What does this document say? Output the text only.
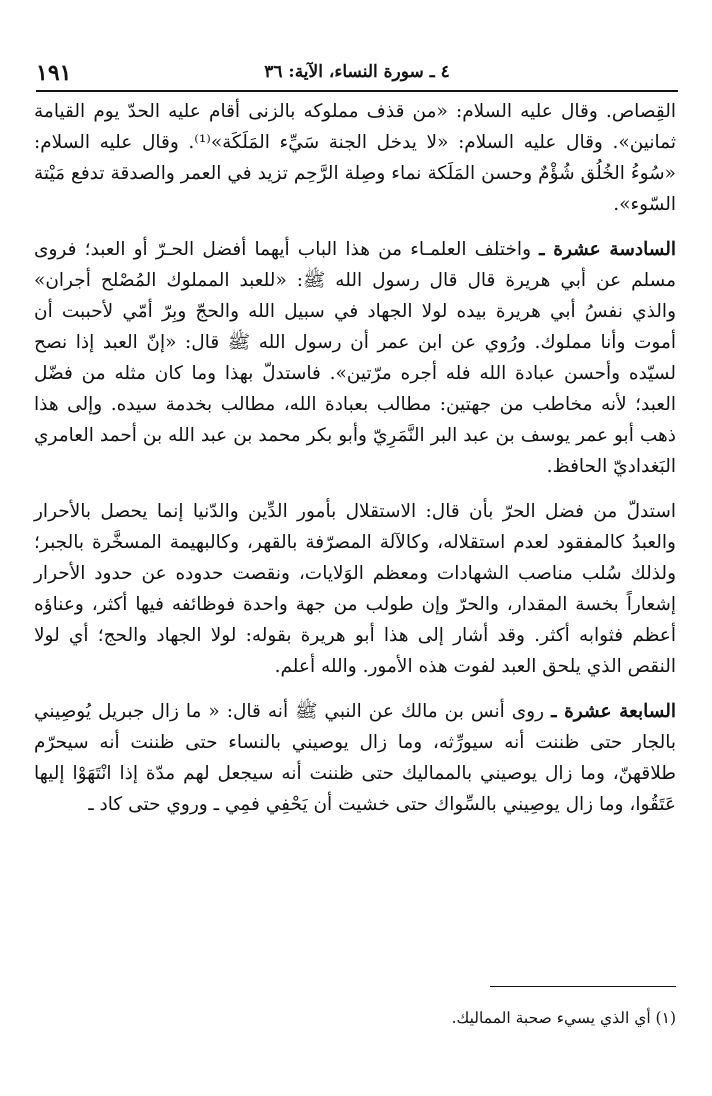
١٩١	٤ ـ سورة النساء، الآية: ٣٦

القِصاص. وقال عليه السلام: «من قذف مملوكه بالزنى أقام عليه الحدّ يوم القيامة ثمانين». وقال عليه السلام: «لا يدخل الجنة سَيِّء المَلَكَة»⁽¹⁾. وقال عليه السلام: «سُوءُ الخُلُق شُؤْمٌ وحسن المَلَكة نماء وصِلة الرَّحِم تزيد في العمر والصدقة تدفع مَيْتة السّوء».

السادسة عشرة ـ واختلف العلمـاء من هذا الباب أيهما أفضل الحـرّ أو العبد؛ فروى مسلم عن أبي هريرة قال قال رسول الله ﷺ: «للعبد المملوك المُصْلح أجران» والذي نفسُ أبي هريرة بيده لولا الجهاد في سبيل الله والحجّ وبِرّ أمّي لأحببت أن أموت وأنا مملوك. ورُوي عن ابن عمر أن رسول الله ﷺ قال: «إنّ العبد إذا نصح لسيّده وأحسن عبادة الله فله أجره مرّتين». فاستدلّ بهذا وما كان مثله من فضّل العبد؛ لأنه مخاطب من جهتين: مطالب بعبادة الله، مطالب بخدمة سيده. وإلى هذا ذهب أبو عمر يوسف بن عبد البر النَّمَرِيّ وأبو بكر محمد بن عبد الله بن أحمد العامري البَغداديّ الحافظ.

استدلّ من فضل الحرّ بأن قال: الاستقلال بأمور الدِّين والدّنيا إنما يحصل بالأحرار والعبدُ كالمفقود لعدم استقلاله، وكالآلة المصرّفة بالقهر، وكالبهيمة المسخَّرة بالجبر؛ ولذلك سُلب مناصب الشهادات ومعظم الوَلايات، ونقصت حدوده عن حدود الأحرار إشعاراً بخسة المقدار، والحرّ وإن طولب من جهة واحدة فوظائفه فيها أكثر، وعناؤه أعظم فثوابه أكثر. وقد أشار إلى هذا أبو هريرة بقوله: لولا الجهاد والحج؛ أي لولا النقص الذي يلحق العبد لفوت هذه الأمور. والله أعلم.

السابعة عشرة ـ روى أنس بن مالك عن النبي ﷺ أنه قال: « ما زال جبريل يُوصِيني بالجار حتى ظننت أنه سيورِّثه، وما زال يوصيني بالنساء حتى ظننت أنه سيحرّم طلاقهنّ، وما زال يوصيني بالمماليك حتى ظننت أنه سيجعل لهم مدّة إذا انْتَهَوْا إليها عَتَقُوا، وما زال يوصِيني بالسِّواك حتى خشيت أن يَحْفِي فمِي ـ وروي حتى كاد ـ

(١) أي الذي يسيء صحبة المماليك.
